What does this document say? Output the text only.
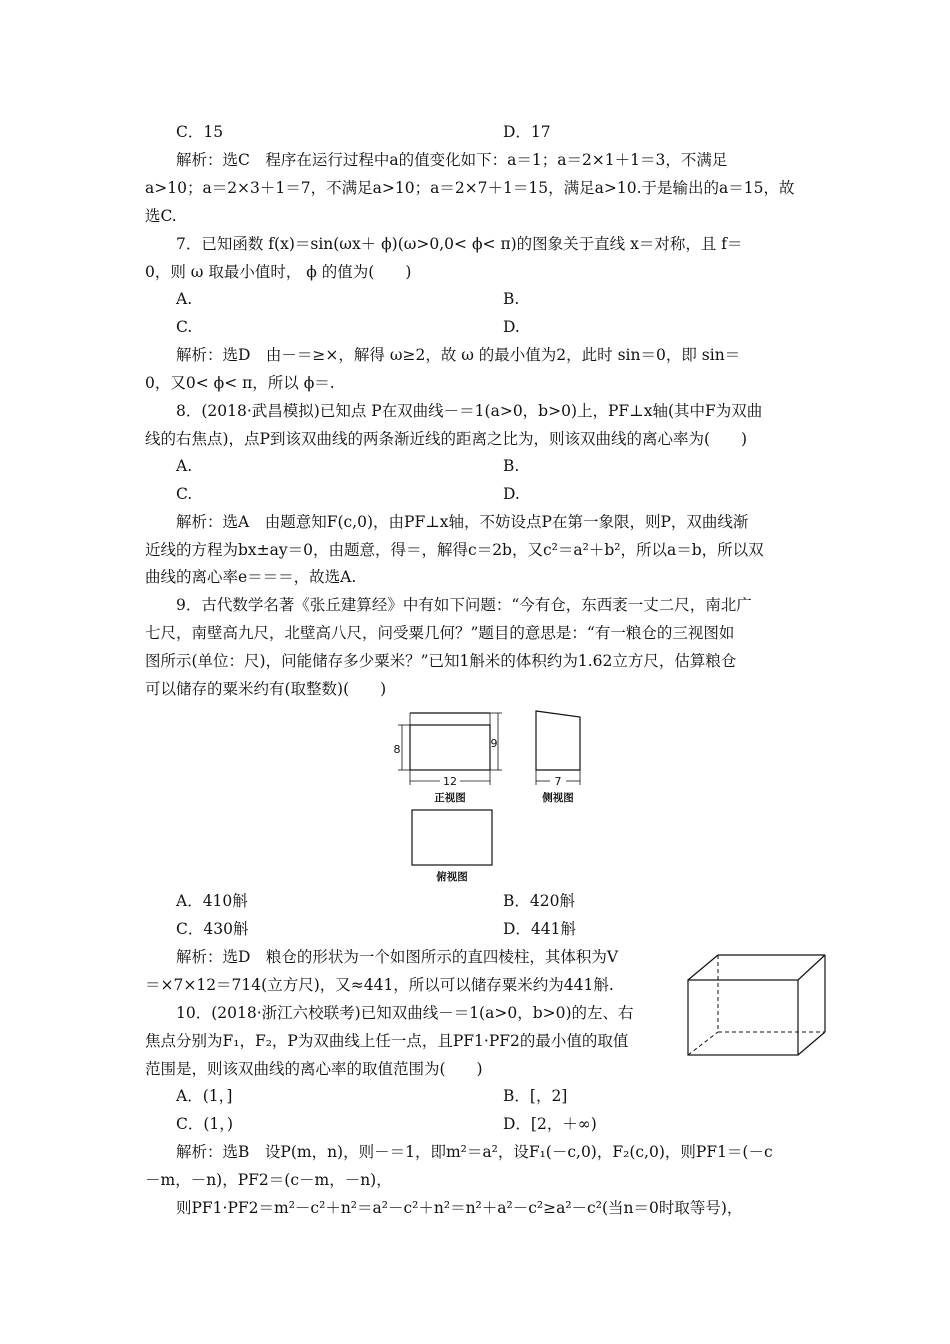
C．15	D．17
解析：选C　程序在运行过程中a的值变化如下：a＝1；a＝2×1＋1＝3，不满足
a>10；a＝2×3＋1＝7，不满足a>10；a＝2×7＋1＝15，满足a>10.于是输出的a＝15，故
选C.
7．已知函数 f(x)＝sin(ωx＋ ϕ)(ω>0,0< ϕ< π)的图象关于直线 x＝对称，且 f＝
0，则 ω 取最小值时， ϕ 的值为(　　)
A.	B.
C.	D.
解析：选D　由－＝≥×，解得 ω≥2，故 ω 的最小值为2，此时 sin＝0，即 sin＝
0，又0< ϕ< π，所以 ϕ＝.
8．(2018·武昌模拟)已知点 P在双曲线－＝1(a>0，b>0)上，PF⊥x轴(其中F为双曲
线的右焦点)，点P到该双曲线的两条渐近线的距离之比为，则该双曲线的离心率为(　　)
A.	B.
C.	D.
解析：选A　由题意知F(c,0)，由PF⊥x轴，不妨设点P在第一象限，则P，双曲线渐
近线的方程为bx±ay＝0，由题意，得＝，解得c＝2b，又c²＝a²＋b²，所以a＝b，所以双
曲线的离心率e＝＝＝，故选A.
9．古代数学名著《张丘建算经》中有如下问题：“今有仓，东西袤一丈二尺，南北广
七尺，南壁高九尺，北壁高八尺，问受粟几何？”题目的意思是：“有一粮仓的三视图如
图所示(单位：尺)，问能储存多少粟米？”已知1斛米的体积约为1.62立方尺，估算粮仓
可以储存的粟米约有(取整数)(　　)
8	9
12	7
正视图	侧视图
俯视图
A．410斛	B．420斛
C．430斛	D．441斛
解析：选D　粮仓的形状为一个如图所示的直四棱柱，其体积为V
＝×7×12＝714(立方尺)，又≈441，所以可以储存粟米约为441斛.
10．(2018·浙江六校联考)已知双曲线－＝1(a>0，b>0)的左、右
焦点分别为F₁，F₂，P为双曲线上任一点，且PF1·PF2的最小值的取值
范围是，则该双曲线的离心率的取值范围为(　　)
A．(1，]	B．[，2]
C．(1，)	D．[2，＋∞)
解析：选B　设P(m，n)，则－＝1，即m²＝a²，设F₁(－c,0)，F₂(c,0)，则PF1＝(－c
－m，－n)，PF2＝(c－m，－n)，
则PF1·PF2＝m²－c²＋n²＝a²－c²＋n²＝n²＋a²－c²≥a²－c²(当n＝0时取等号)，
